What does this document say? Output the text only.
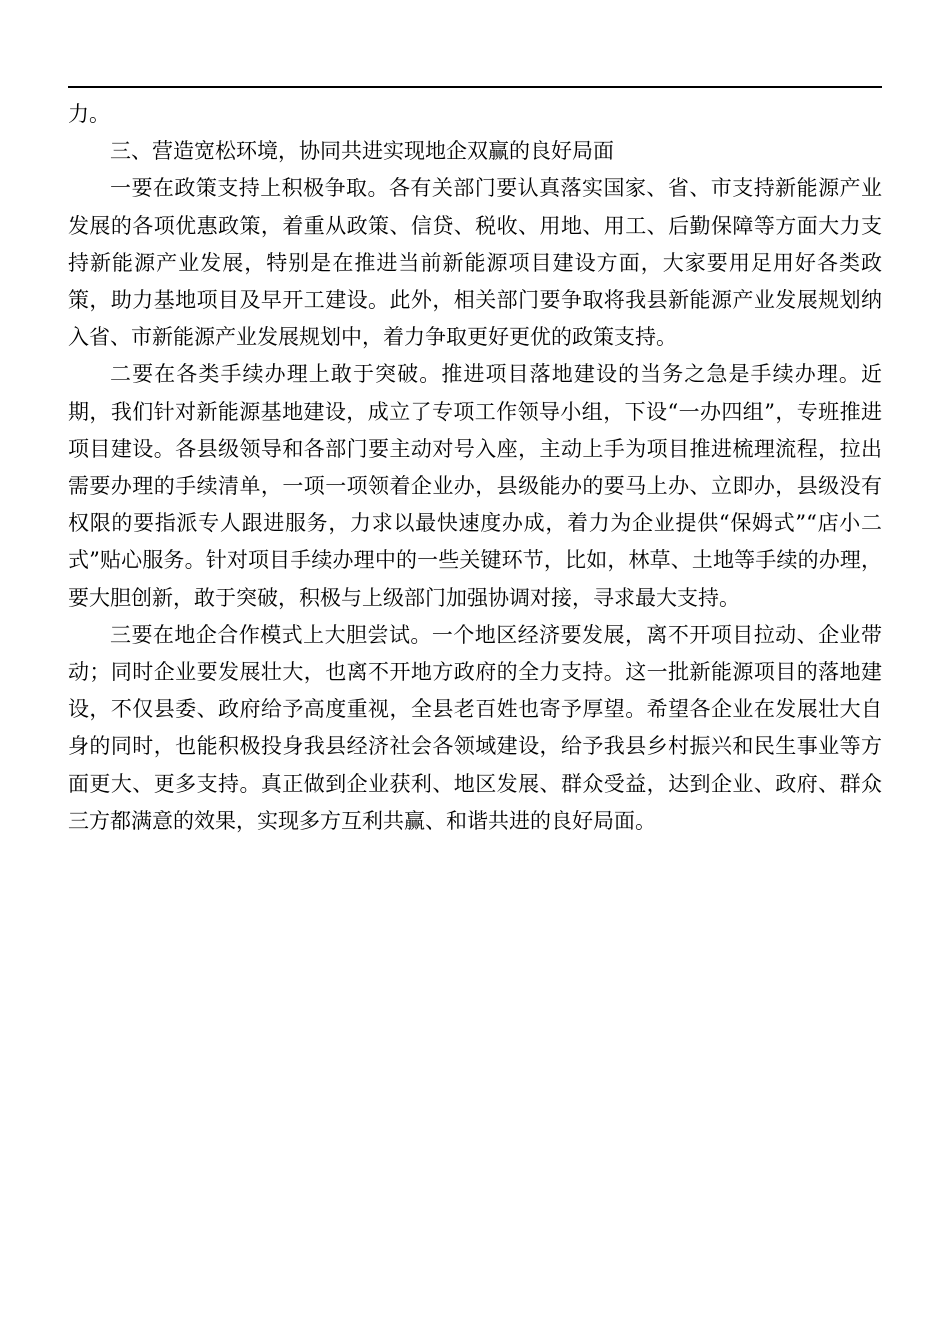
力。

三、营造宽松环境，协同共进实现地企双赢的良好局面

一要在政策支持上积极争取。各有关部门要认真落实国家、省、市支持新能源产业发展的各项优惠政策，着重从政策、信贷、税收、用地、用工、后勤保障等方面大力支持新能源产业发展，特别是在推进当前新能源项目建设方面，大家要用足用好各类政策，助力基地项目及早开工建设。此外，相关部门要争取将我县新能源产业发展规划纳入省、市新能源产业发展规划中，着力争取更好更优的政策支持。

二要在各类手续办理上敢于突破。推进项目落地建设的当务之急是手续办理。近期，我们针对新能源基地建设，成立了专项工作领导小组，下设“一办四组”，专班推进项目建设。各县级领导和各部门要主动对号入座，主动上手为项目推进梳理流程，拉出需要办理的手续清单，一项一项领着企业办，县级能办的要马上办、立即办，县级没有权限的要指派专人跟进服务，力求以最快速度办成，着力为企业提供“保姆式”“店小二式”贴心服务。针对项目手续办理中的一些关键环节，比如，林草、土地等手续的办理，要大胆创新，敢于突破，积极与上级部门加强协调对接，寻求最大支持。

三要在地企合作模式上大胆尝试。一个地区经济要发展，离不开项目拉动、企业带动；同时企业要发展壮大，也离不开地方政府的全力支持。这一批新能源项目的落地建设，不仅县委、政府给予高度重视，全县老百姓也寄予厚望。希望各企业在发展壮大自身的同时，也能积极投身我县经济社会各领域建设，给予我县乡村振兴和民生事业等方面更大、更多支持。真正做到企业获利、地区发展、群众受益，达到企业、政府、群众三方都满意的效果，实现多方互利共赢、和谐共进的良好局面。
